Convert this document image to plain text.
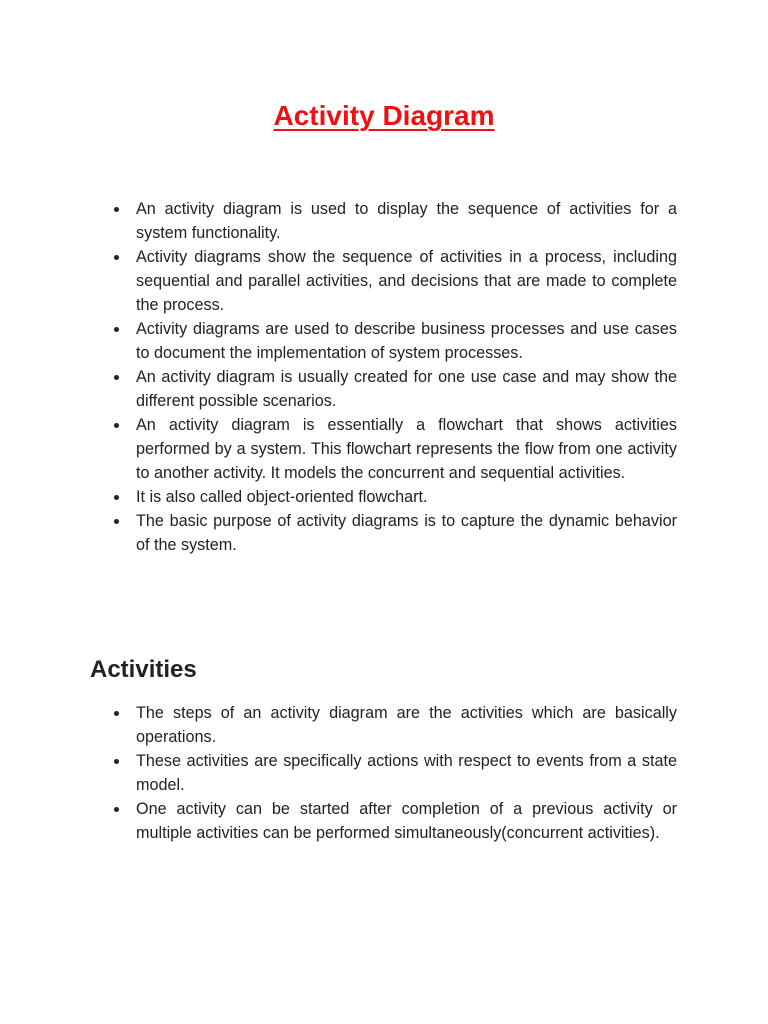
Activity Diagram
An activity diagram is used to display the sequence of activities for a system functionality.
Activity diagrams show the sequence of activities in a process, including sequential and parallel activities, and decisions that are made to complete the process.
Activity diagrams are used to describe business processes and use cases to document the implementation of system processes.
An activity diagram is usually created for one use case and may show the different possible scenarios.
An activity diagram is essentially a flowchart that shows activities performed by a system. This flowchart represents the flow from one activity to another activity. It models the concurrent and sequential activities.
It is also called object-oriented flowchart.
The basic purpose of activity diagrams is to capture the dynamic behavior of the system.
Activities
The steps of an activity diagram are the activities which are basically operations.
These activities are specifically actions with respect to events from a state model.
One activity can be started after completion of a previous activity or multiple activities can be performed simultaneously(concurrent activities).
